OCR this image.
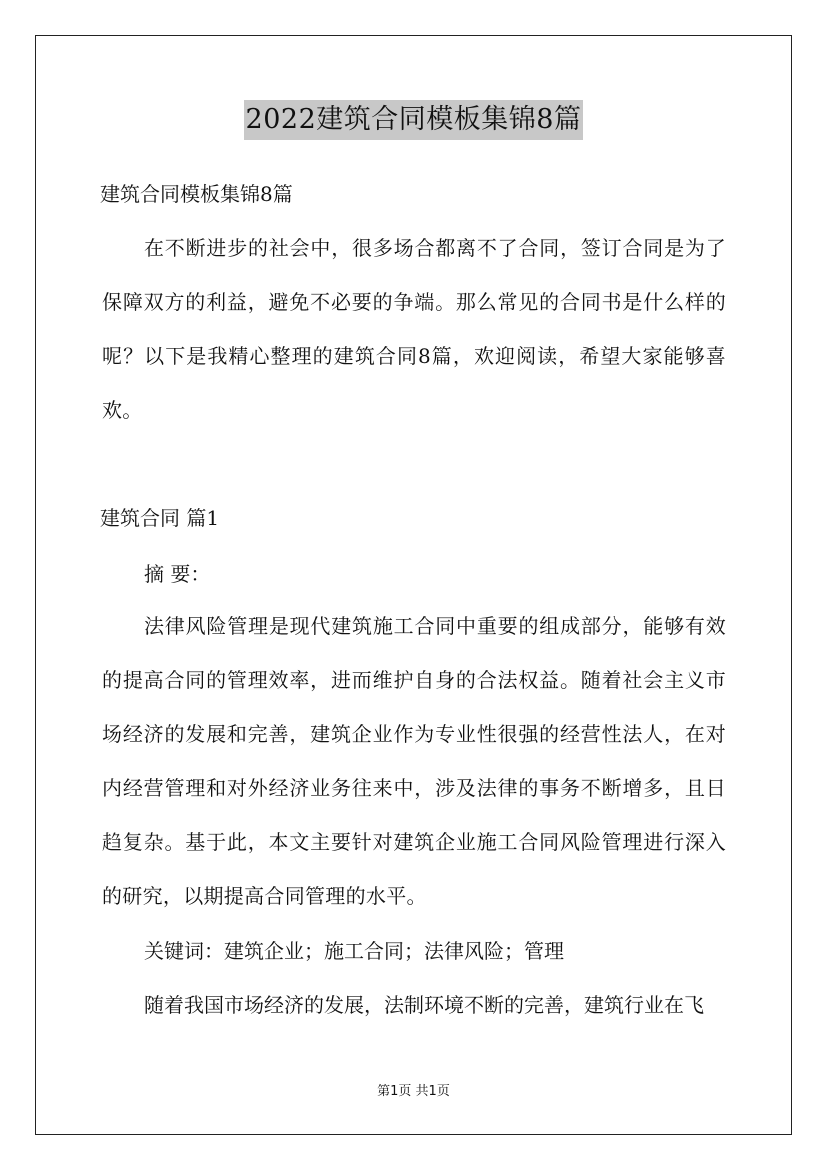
2022建筑合同模板集锦8篇
建筑合同模板集锦8篇
在不断进步的社会中，很多场合都离不了合同，签订合同是为了保障双方的利益，避免不必要的争端。那么常见的合同书是什么样的呢？以下是我精心整理的建筑合同8篇，欢迎阅读，希望大家能够喜欢。
建筑合同 篇1
摘 要：
法律风险管理是现代建筑施工合同中重要的组成部分，能够有效的提高合同的管理效率，进而维护自身的合法权益。随着社会主义市场经济的发展和完善，建筑企业作为专业性很强的经营性法人，在对内经营管理和对外经济业务往来中，涉及法律的事务不断增多，且日趋复杂。基于此，本文主要针对建筑企业施工合同风险管理进行深入的研究，以期提高合同管理的水平。
关键词：建筑企业；施工合同；法律风险；管理
随着我国市场经济的发展，法制环境不断的完善，建筑行业在飞
第1页 共1页
